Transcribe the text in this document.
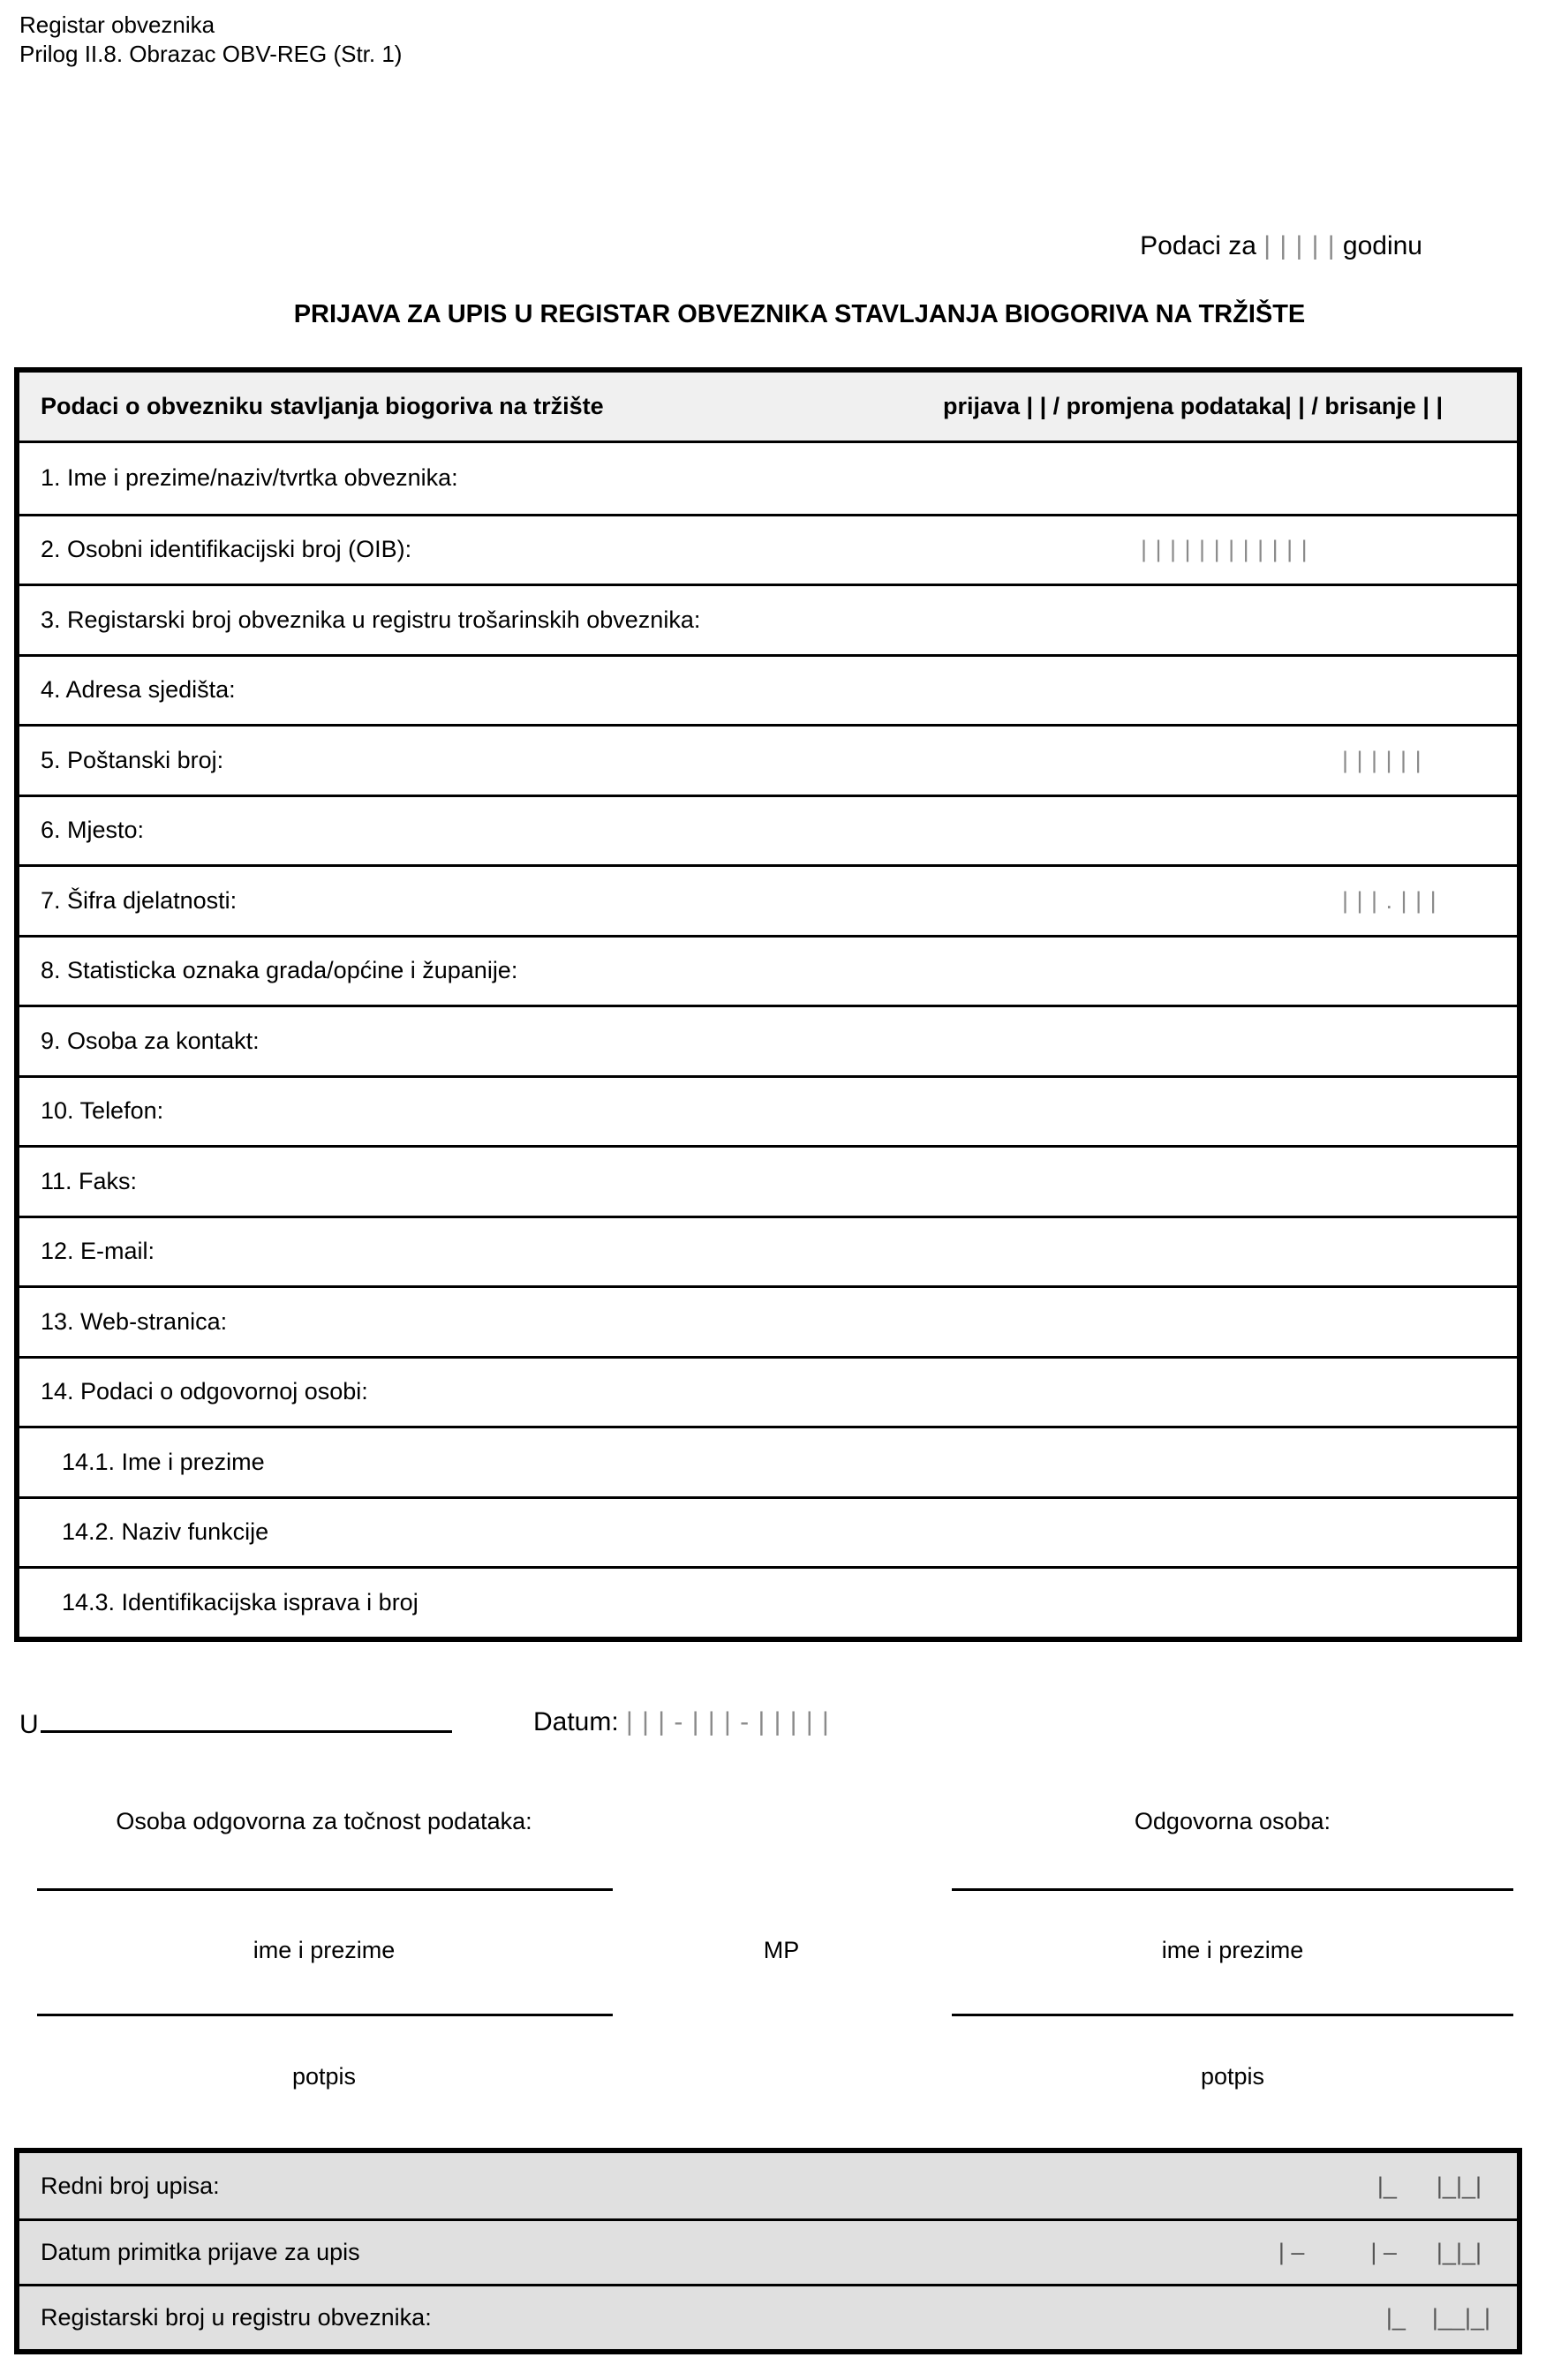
Registar obveznika
Prilog II.8. Obrazac OBV-REG (Str. 1)
Podaci za | | | | | godinu
PRIJAVA ZA UPIS U REGISTAR OBVEZNIKA STAVLJANJA BIOGORIVA NA TRŽIŠTE
Podaci o obvezniku stavljanja biogoriva na tržište	prijava | | / promjena podataka| | / brisanje | |
1. Ime i prezime/naziv/tvrtka obveznika:
2. Osobni identifikacijski broj (OIB):	| | | | | | | | | | | |
3. Registarski broj obveznika u registru trošarinskih obveznika:
4. Adresa sjedišta:
5. Poštanski broj:	| | | | | |
6. Mjesto:
7. Šifra djelatnosti:	| | | . | | |
8. Statisticka oznaka grada/općine i županije:
9. Osoba za kontakt:
10. Telefon:
11. Faks:
12. E-mail:
13. Web-stranica:
14. Podaci o odgovornoj osobi:
14.1. Ime i prezime
14.2. Naziv funkcije
14.3. Identifikacijska isprava i broj
U	Datum: | | | - | | | - | | | | |
Osoba odgovorna za točnost podataka:	Odgovorna osoba:
ime i prezime	MP	ime i prezime
potpis	potpis
Redni broj upisa:	|_      |_|_|
Datum primitka prijave za upis	| –          | –      |_|_|
Registarski broj u registru obveznika:	|_    |__|_|
